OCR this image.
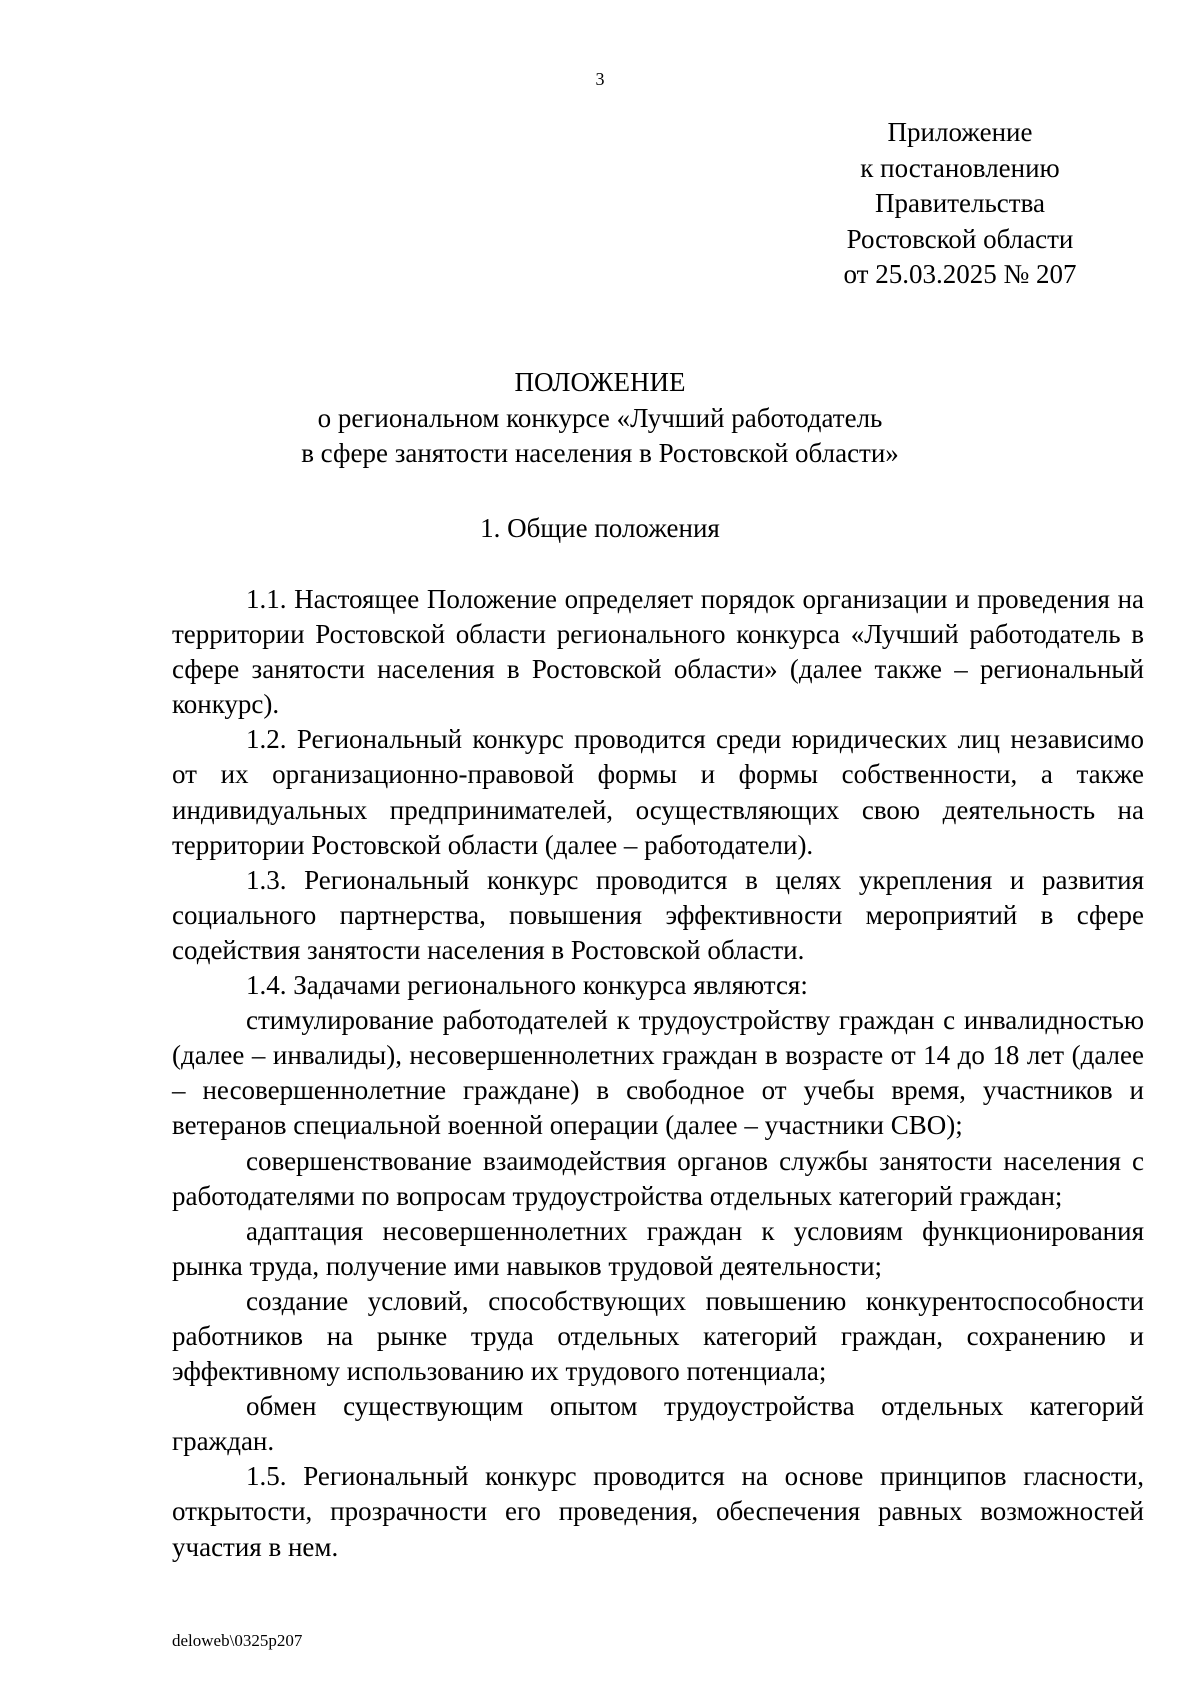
3
Приложение
к постановлению
Правительства
Ростовской области
от 25.03.2025 № 207
ПОЛОЖЕНИЕ
о региональном конкурсе «Лучший работодатель
в сфере занятости населения в Ростовской области»
1. Общие положения

1.1. Настоящее Положение определяет порядок организации и проведения на территории Ростовской области регионального конкурса «Лучший работодатель в сфере занятости населения в Ростовской области» (далее также – региональный конкурс).

1.2. Региональный конкурс проводится среди юридических лиц независимо от их организационно-правовой формы и формы собственности, а также индивидуальных предпринимателей, осуществляющих свою деятельность на территории Ростовской области (далее – работодатели).

1.3. Региональный конкурс проводится в целях укрепления и развития социального партнерства, повышения эффективности мероприятий в сфере содействия занятости населения в Ростовской области.

1.4. Задачами регионального конкурса являются:

стимулирование работодателей к трудоустройству граждан с инвалидностью (далее – инвалиды), несовершеннолетних граждан в возрасте от 14 до 18 лет (далее – несовершеннолетние граждане) в свободное от учебы время, участников и ветеранов специальной военной операции (далее – участники СВО);

совершенствование взаимодействия органов службы занятости населения с работодателями по вопросам трудоустройства отдельных категорий граждан;

адаптация несовершеннолетних граждан к условиям функционирования рынка труда, получение ими навыков трудовой деятельности;

создание условий, способствующих повышению конкурентоспособности работников на рынке труда отдельных категорий граждан, сохранению и эффективному использованию их трудового потенциала;

обмен существующим опытом трудоустройства отдельных категорий граждан.

1.5. Региональный конкурс проводится на основе принципов гласности, открытости, прозрачности его проведения, обеспечения равных возможностей участия в нем.

deloweb\0325p207
